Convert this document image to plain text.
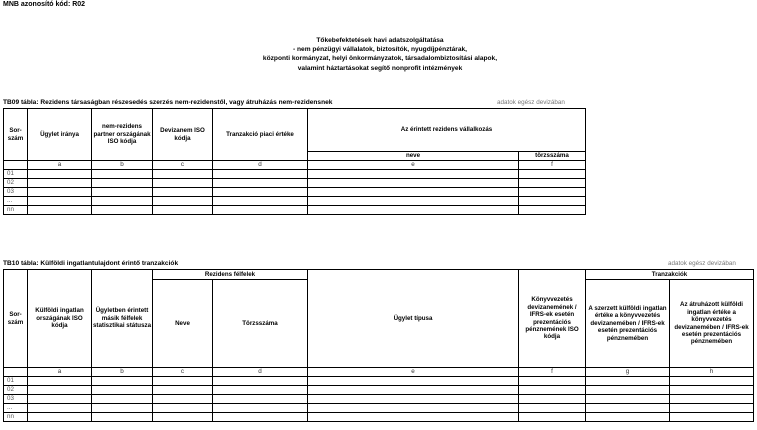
MNB azonosító kód: R02
Tőkebefektetések havi adatszolgáltatása
- nem pénzügyi vállalatok, biztosítók, nyugdíjpénztárak,
központi kormányzat, helyi önkormányzatok, társadalombiztosítási alapok,
valamint háztartásokat segítő nonprofit intézmények
TB09 tábla: Rezidens társaságban részesedés szerzés nem-rezidenstől, vagy átruházás nem-rezidensnek	adatok egész devizában
Sor-szám	Ügylet iránya	nem-rezidens partner országának ISO kódja	Devizanem ISO kódja	Tranzakció piaci értéke	Az érintett rezidens vállalkozás	
					neve	törzsszáma
	a	b	c	d	e	f
01						
02						
03						
...						
nn						
TB10 tábla: Külföldi ingatlantulajdont érintő tranzakciók	adatok egész devizában
Sor-szám	Külföldi ingatlan országának ISO kódja	Ügyletben érintett másik félfelek statisztikai státusza	Rezidens félfelek		Ügylet típusa	Könyvvezetés devizanemének / IFRS-ek esetén prezentációs pénznemének ISO kódja	Tranzakciók	
			Neve	Törzsszáma			A szerzett külföldi ingatlan értéke a könyvvezetés devizanemében / IFRS-ek esetén prezentációs pénznemében	Az átruházott külföldi ingatlan értéke a könyvvezetés devizanemében / IFRS-ek esetén prezentációs pénznemében
	a	b	c	d	e	f	g	h
01								
02								
03								
...								
nn								
